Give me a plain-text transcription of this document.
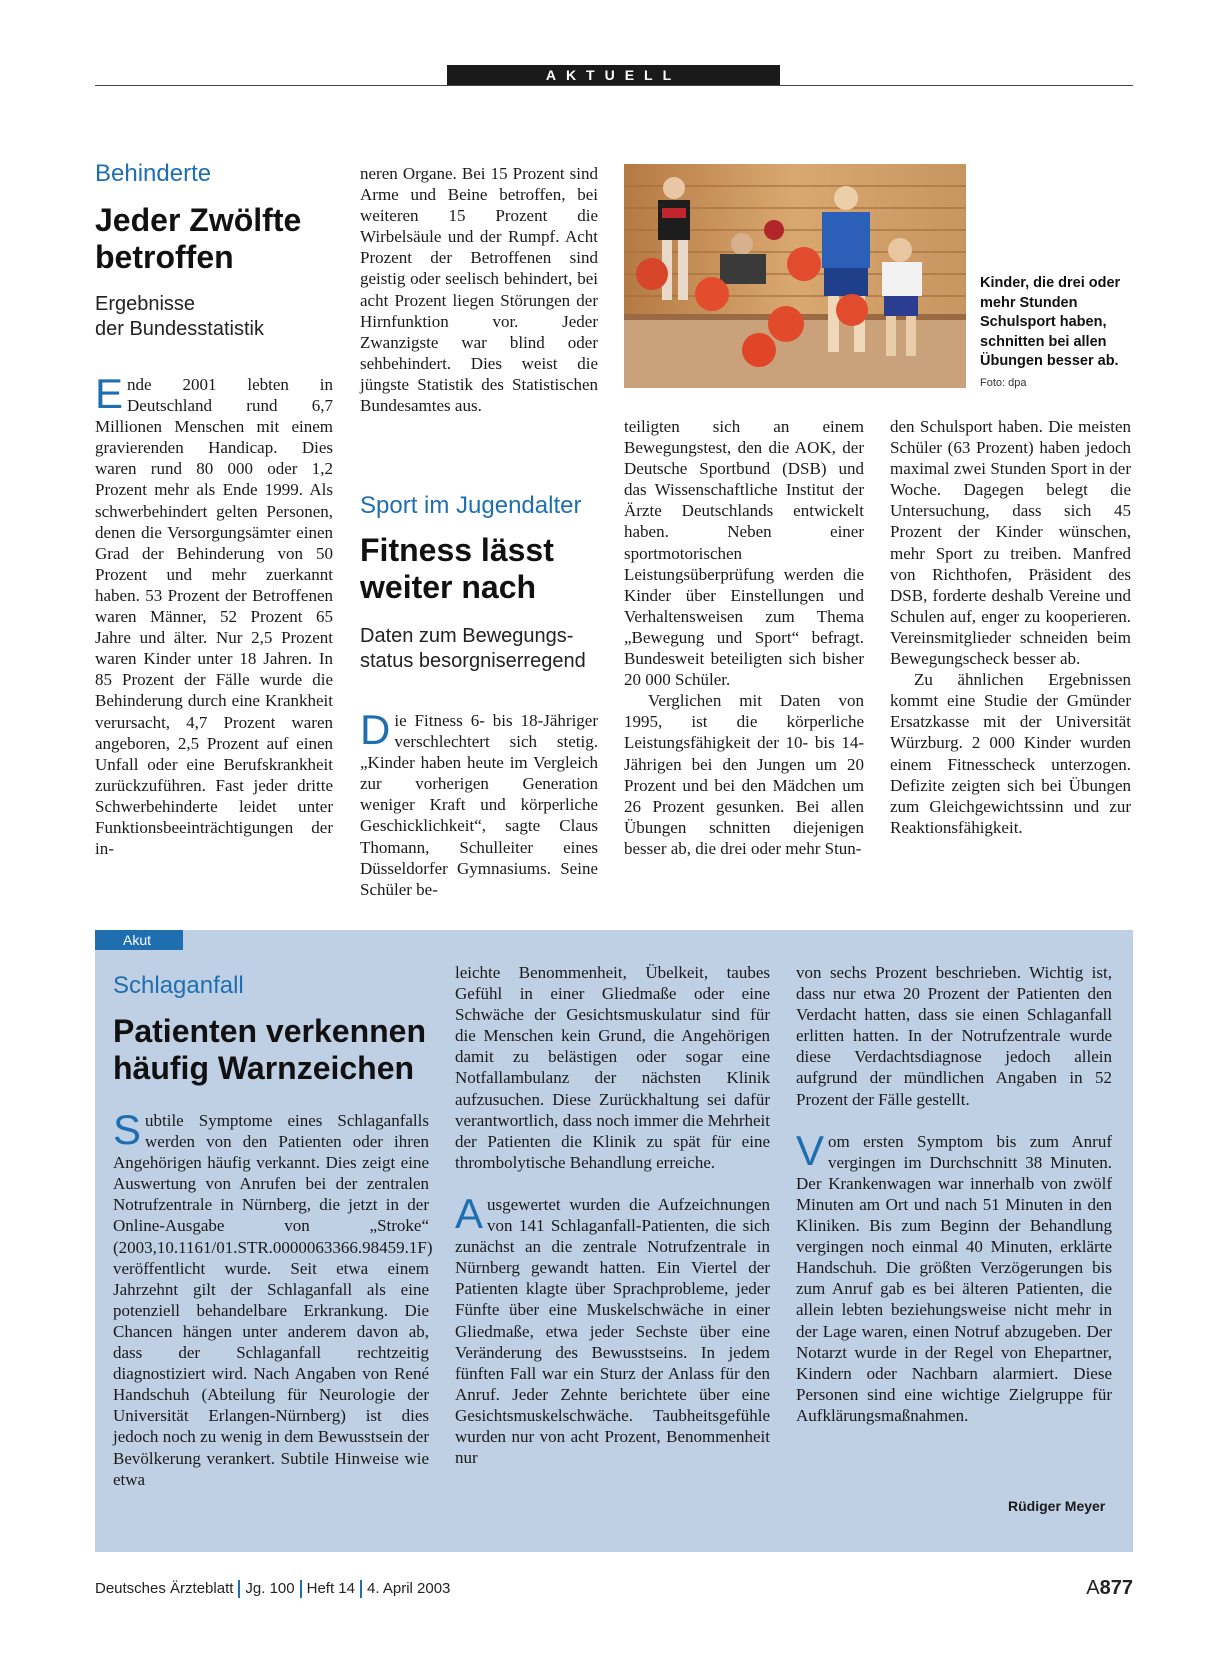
AKTUELL
Behinderte
Jeder Zwölfte
betroffen
Ergebnisse
der Bundesstatistik

Ende 2001 lebten in Deutschland rund 6,7 Millionen Menschen mit einem gravierenden Handicap. Dies waren rund 80 000 oder 1,2 Prozent mehr als Ende 1999. Als schwerbehindert gelten Personen, denen die Versorgungsämter einen Grad der Behinderung von 50 Prozent und mehr zuerkannt haben. 53 Prozent der Betroffenen waren Männer, 52 Prozent 65 Jahre und älter. Nur 2,5 Prozent waren Kinder unter 18 Jahren. In 85 Prozent der Fälle wurde die Behinderung durch eine Krankheit verursacht, 4,7 Prozent waren angeboren, 2,5 Prozent auf einen Unfall oder eine Berufskrankheit zurückzuführen. Fast jeder dritte Schwerbehinderte leidet unter Funktionsbeeinträchtigungen der in-

neren Organe. Bei 15 Prozent sind Arme und Beine betroffen, bei weiteren 15 Prozent die Wirbelsäule und der Rumpf. Acht Prozent der Betroffenen sind geistig oder seelisch behindert, bei acht Prozent liegen Störungen der Hirnfunktion vor. Jeder Zwanzigste war blind oder sehbehindert. Dies weist die jüngste Statistik des Statistischen Bundesamtes aus.

Sport im Jugendalter
Fitness lässt
weiter nach
Daten zum Bewegungs-
status besorgniserregend

Die Fitness 6- bis 18-Jähriger verschlechtert sich stetig. „Kinder haben heute im Vergleich zur vorherigen Generation weniger Kraft und körperliche Geschicklichkeit“, sagte Claus Thomann, Schulleiter eines Düsseldorfer Gymnasiums. Seine Schüler be-

Kinder, die drei oder mehr Stunden Schulsport haben, schnitten bei allen Übungen besser ab.
Foto: dpa

teiligten sich an einem Bewegungstest, den die AOK, der Deutsche Sportbund (DSB) und das Wissenschaftliche Institut der Ärzte Deutschlands entwickelt haben. Neben einer sportmotorischen Leistungsüberprüfung werden die Kinder über Einstellungen und Verhaltensweisen zum Thema „Bewegung und Sport“ befragt. Bundesweit beteiligten sich bisher 20 000 Schüler.

Verglichen mit Daten von 1995, ist die körperliche Leistungsfähigkeit der 10- bis 14-Jährigen bei den Jungen um 20 Prozent und bei den Mädchen um 26 Prozent gesunken. Bei allen Übungen schnitten diejenigen besser ab, die drei oder mehr Stun-

den Schulsport haben. Die meisten Schüler (63 Prozent) haben jedoch maximal zwei Stunden Sport in der Woche. Dagegen belegt die Untersuchung, dass sich 45 Prozent der Kinder wünschen, mehr Sport zu treiben. Manfred von Richthofen, Präsident des DSB, forderte deshalb Vereine und Schulen auf, enger zu kooperieren. Vereinsmitglieder schneiden beim Bewegungscheck besser ab.

Zu ähnlichen Ergebnissen kommt eine Studie der Gmünder Ersatzkasse mit der Universität Würzburg. 2 000 Kinder wurden einem Fitnesscheck unterzogen. Defizite zeigten sich bei Übungen zum Gleichgewichtssinn und zur Reaktionsfähigkeit.

Akut
Schlaganfall
Patienten verkennen
häufig Warnzeichen

Subtile Symptome eines Schlaganfalls werden von den Patienten oder ihren Angehörigen häufig verkannt. Dies zeigt eine Auswertung von Anrufen bei der zentralen Notrufzentrale in Nürnberg, die jetzt in der Online-Ausgabe von „Stroke“ (2003,10.1161/01.STR.0000063366.98459.1F) veröffentlicht wurde. Seit etwa einem Jahrzehnt gilt der Schlaganfall als eine potenziell behandelbare Erkrankung. Die Chancen hängen unter anderem davon ab, dass der Schlaganfall rechtzeitig diagnostiziert wird. Nach Angaben von René Handschuh (Abteilung für Neurologie der Universität Erlangen-Nürnberg) ist dies jedoch noch zu wenig in dem Bewusstsein der Bevölkerung verankert. Subtile Hinweise wie etwa

leichte Benommenheit, Übelkeit, taubes Gefühl in einer Gliedmaße oder eine Schwäche der Gesichtsmuskulatur sind für die Menschen kein Grund, die Angehörigen damit zu belästigen oder sogar eine Notfallambulanz der nächsten Klinik aufzusuchen. Diese Zurückhaltung sei dafür verantwortlich, dass noch immer die Mehrheit der Patienten die Klinik zu spät für eine thrombolytische Behandlung erreiche.

Ausgewertet wurden die Aufzeichnungen von 141 Schlaganfall-Patienten, die sich zunächst an die zentrale Notrufzentrale in Nürnberg gewandt hatten. Ein Viertel der Patienten klagte über Sprachprobleme, jeder Fünfte über eine Muskelschwäche in einer Gliedmaße, etwa jeder Sechste über eine Veränderung des Bewusstseins. In jedem fünften Fall war ein Sturz der Anlass für den Anruf. Jeder Zehnte berichtete über eine Gesichtsmuskelschwäche. Taubheitsgefühle wurden nur von acht Prozent, Benommenheit nur

von sechs Prozent beschrieben. Wichtig ist, dass nur etwa 20 Prozent der Patienten den Verdacht hatten, dass sie einen Schlaganfall erlitten hatten. In der Notrufzentrale wurde diese Verdachtsdiagnose jedoch allein aufgrund der mündlichen Angaben in 52 Prozent der Fälle gestellt.

Vom ersten Symptom bis zum Anruf vergingen im Durchschnitt 38 Minuten. Der Krankenwagen war innerhalb von zwölf Minuten am Ort und nach 51 Minuten in den Kliniken. Bis zum Beginn der Behandlung vergingen noch einmal 40 Minuten, erklärte Handschuh. Die größten Verzögerungen bis zum Anruf gab es bei älteren Patienten, die allein lebten beziehungsweise nicht mehr in der Lage waren, einen Notruf abzugeben. Der Notarzt wurde in der Regel von Ehepartner, Kindern oder Nachbarn alarmiert. Diese Personen sind eine wichtige Zielgruppe für Aufklärungsmaßnahmen.

Rüdiger Meyer
Deutsches Ärzteblatt Jg. 100 Heft 14 4. April 2003	A877
